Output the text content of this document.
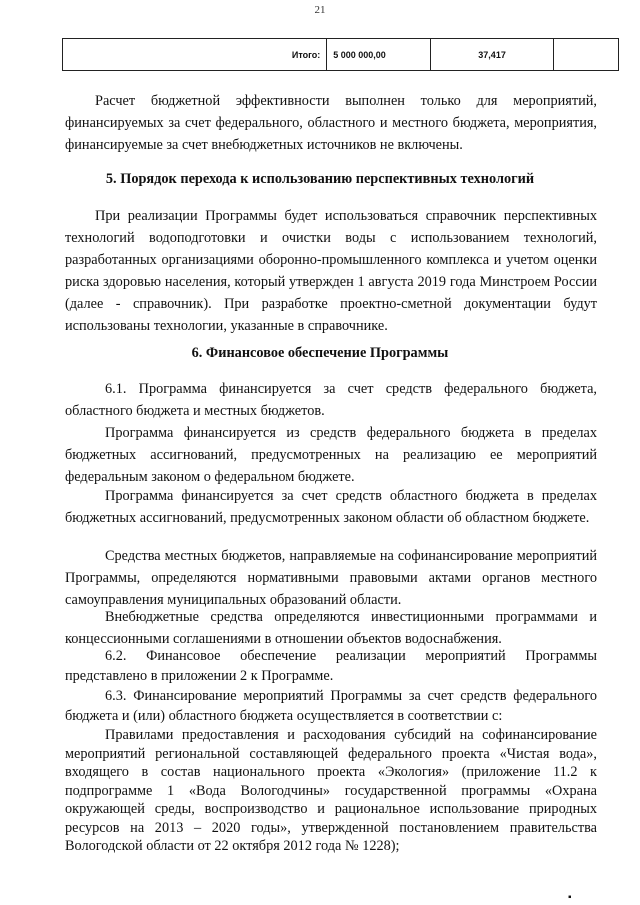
21
Итого:	5 000 000,00	37,417	
Расчет бюджетной эффективности выполнен только для мероприятий, финансируемых за счет федерального, областного и местного бюджета, мероприятия, финансируемые за счет внебюджетных источников не включены.
5. Порядок перехода к использованию перспективных технологий
При реализации Программы будет использоваться справочник перспективных технологий водоподготовки и очистки воды с использованием технологий, разработанных организациями оборонно-промышленного комплекса и учетом оценки риска здоровью населения, который утвержден 1 августа 2019 года Минстроем России (далее - справочник). При разработке проектно-сметной документации будут использованы технологии, указанные в справочнике.
6. Финансовое обеспечение Программы
6.1. Программа финансируется за счет средств федерального бюджета, областного бюджета и местных бюджетов.
Программа финансируется из средств федерального бюджета в пределах бюджетных ассигнований, предусмотренных на реализацию ее мероприятий федеральным законом о федеральном бюджете.
Программа финансируется за счет средств областного бюджета в пределах бюджетных ассигнований, предусмотренных законом области об областном бюджете.
Средства местных бюджетов, направляемые на софинансирование мероприятий Программы, определяются нормативными правовыми актами органов местного самоуправления муниципальных образований области.
Внебюджетные средства определяются инвестиционными программами и концессионными соглашениями в отношении объектов водоснабжения.
6.2. Финансовое обеспечение реализации мероприятий Программы представлено в приложении 2 к Программе.
6.3. Финансирование мероприятий Программы за счет средств федерального бюджета и (или) областного бюджета осуществляется в соответствии с:
Правилами предоставления и расходования субсидий на софинансирование мероприятий региональной составляющей федерального проекта «Чистая вода», входящего в состав национального проекта «Экология» (приложение 11.2 к подпрограмме 1 «Вода Вологодчины» государственной программы «Охрана окружающей среды, воспроизводство и рациональное использование природных ресурсов на 2013 – 2020 годы», утвержденной постановлением правительства Вологодской области от 22 октября 2012 года № 1228);
▪
